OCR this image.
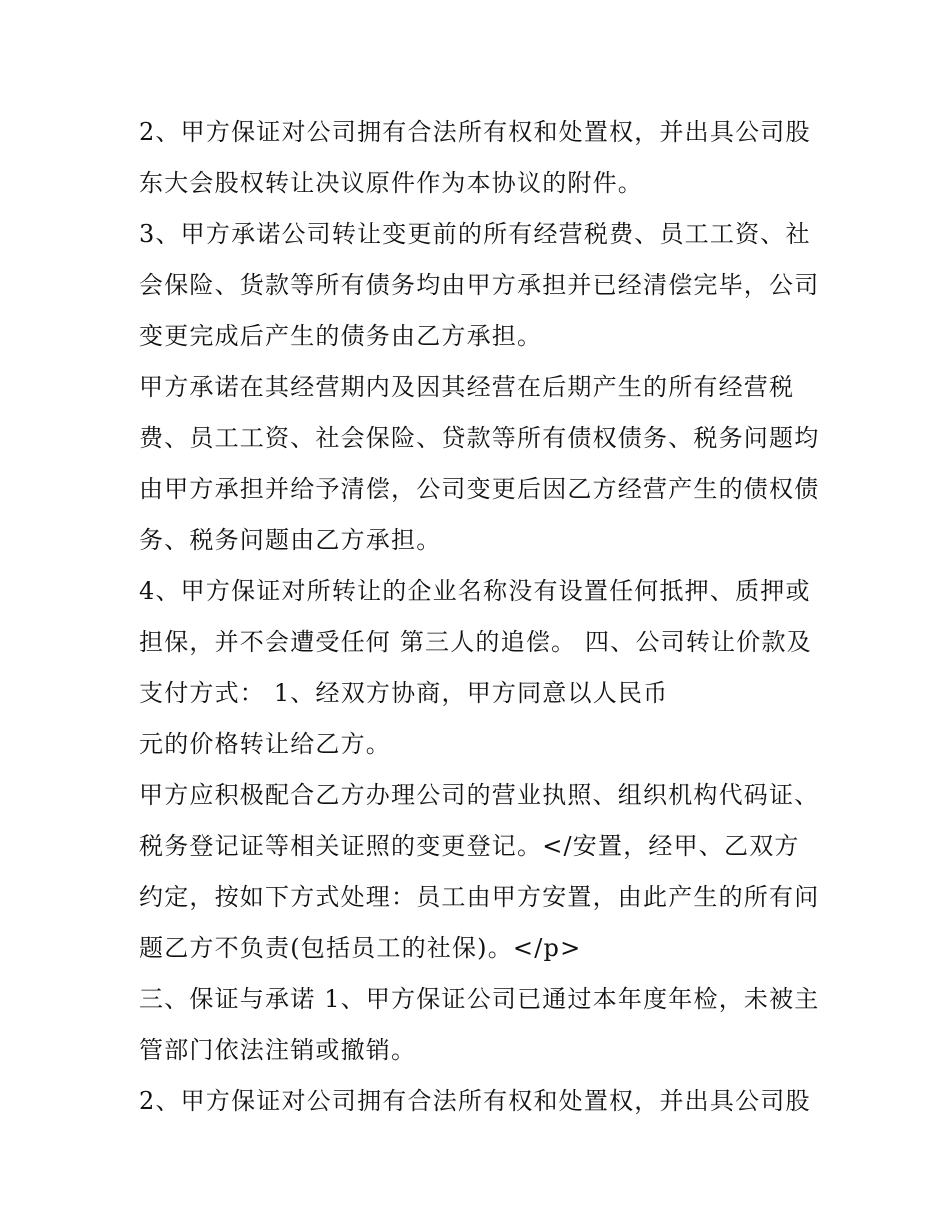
2、甲方保证对公司拥有合法所有权和处置权，并出具公司股
东大会股权转让决议原件作为本协议的附件。
3、甲方承诺公司转让变更前的所有经营税费、员工工资、社
会保险、货款等所有债务均由甲方承担并已经清偿完毕，公司
变更完成后产生的债务由乙方承担。
甲方承诺在其经营期内及因其经营在后期产生的所有经营税
费、员工工资、社会保险、贷款等所有债权债务、税务问题均
由甲方承担并给予清偿，公司变更后因乙方经营产生的债权债
务、税务问题由乙方承担。
4、甲方保证对所转让的企业名称没有设置任何抵押、质押或
担保，并不会遭受任何 第三人的追偿。 四、公司转让价款及
支付方式： 1、经双方协商，甲方同意以人民币
元的价格转让给乙方。
甲方应积极配合乙方办理公司的营业执照、组织机构代码证、
税务登记证等相关证照的变更登记。</安置，经甲、乙双方
约定，按如下方式处理：员工由甲方安置，由此产生的所有问
题乙方不负责(包括员工的社保)。</p>
三、保证与承诺 1、甲方保证公司已通过本年度年检，未被主
管部门依法注销或撤销。
2、甲方保证对公司拥有合法所有权和处置权，并出具公司股
